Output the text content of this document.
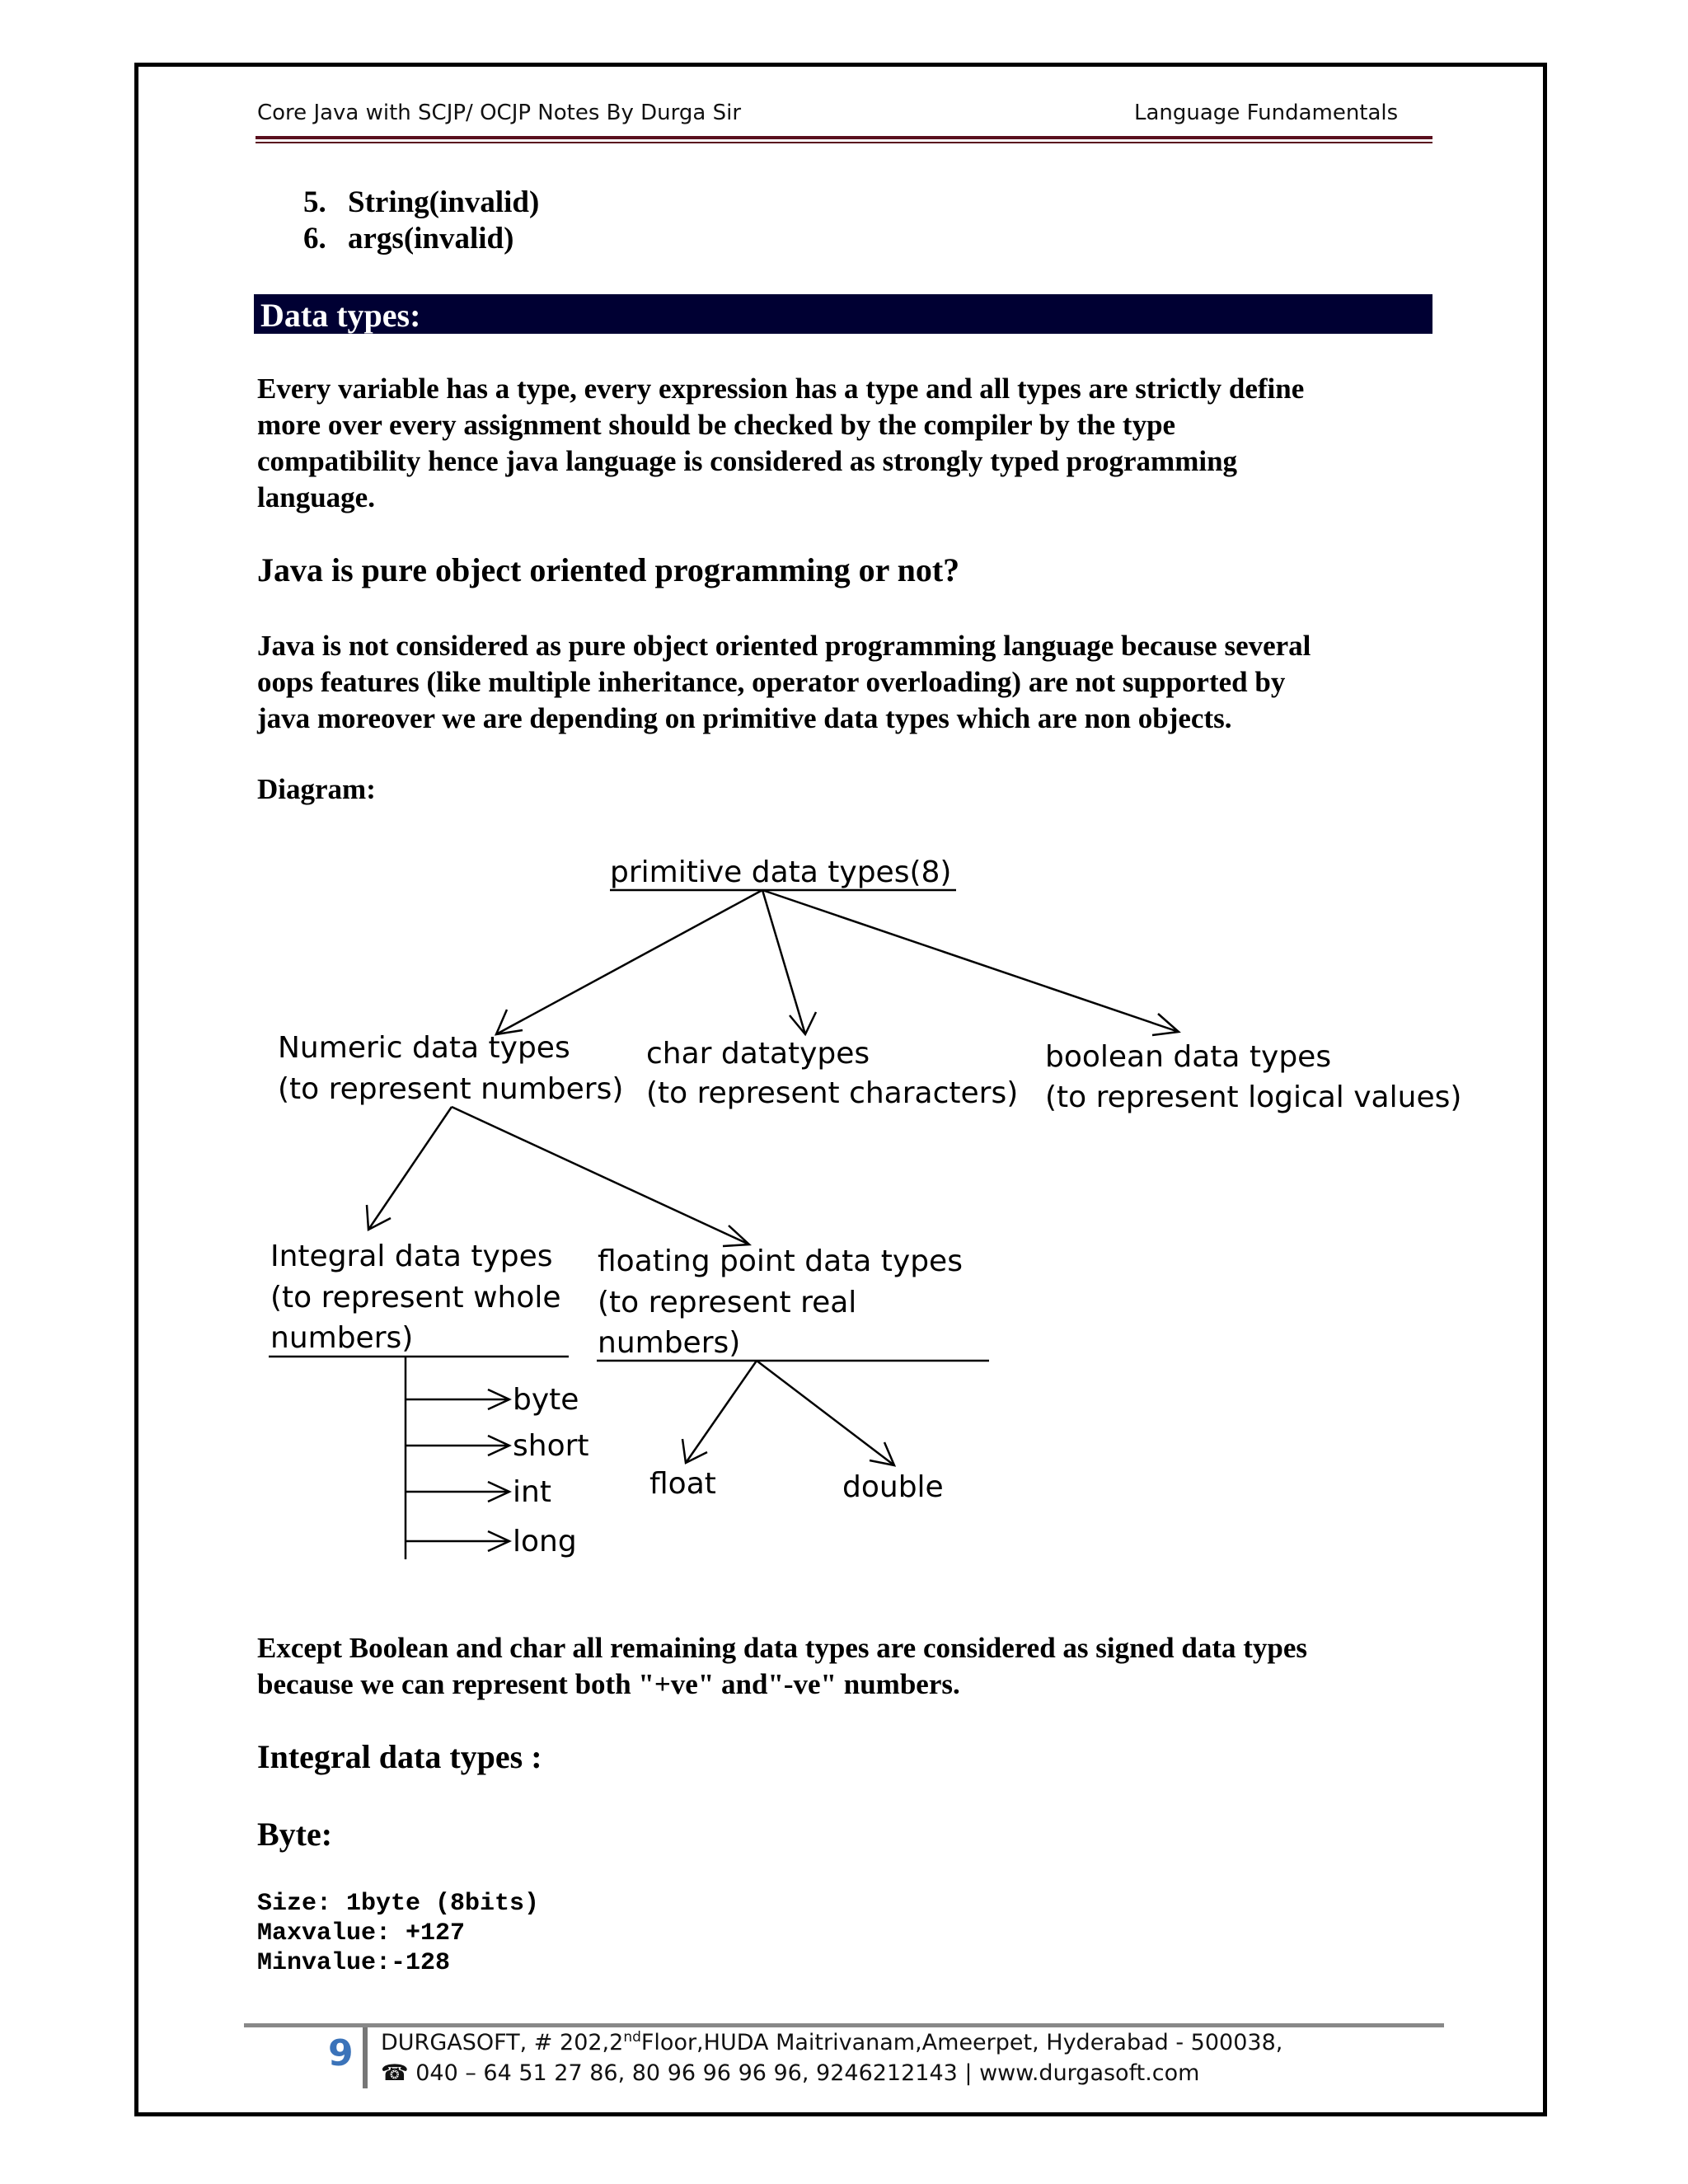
Core Java with SCJP/ OCJP Notes By Durga Sir	Language Fundamentals
5. String(invalid)
6. args(invalid)
Data types:
Every variable has a type, every expression has a type and all types are strictly define
more over every assignment should be checked by the compiler by the type
compatibility hence java language is considered as strongly typed programming
language.
Java is pure object oriented programming or not?
Java is not considered as pure object oriented programming language because several
oops features (like multiple inheritance, operator overloading) are not supported by
java moreover we are depending on primitive data types which are non objects.
Diagram:
primitive data types(8)
Numeric data types
(to represent numbers)
char datatypes
(to represent characters)
boolean data types
(to represent logical values)
Integral data types
(to represent whole
numbers)
floating point data types
(to represent real
numbers)
byte
short
int
long
float	double
Except Boolean and char all remaining data types are considered as signed data types
because we can represent both "+ve" and"-ve" numbers.
Integral data types :
Byte:
Size: 1byte (8bits)
Maxvalue: +127
Minvalue:-128
9 DURGASOFT, # 202,2ndFloor,HUDA Maitrivanam,Ameerpet, Hyderabad - 500038,
☎ 040 – 64 51 27 86, 80 96 96 96 96, 9246212143 | www.durgasoft.com
